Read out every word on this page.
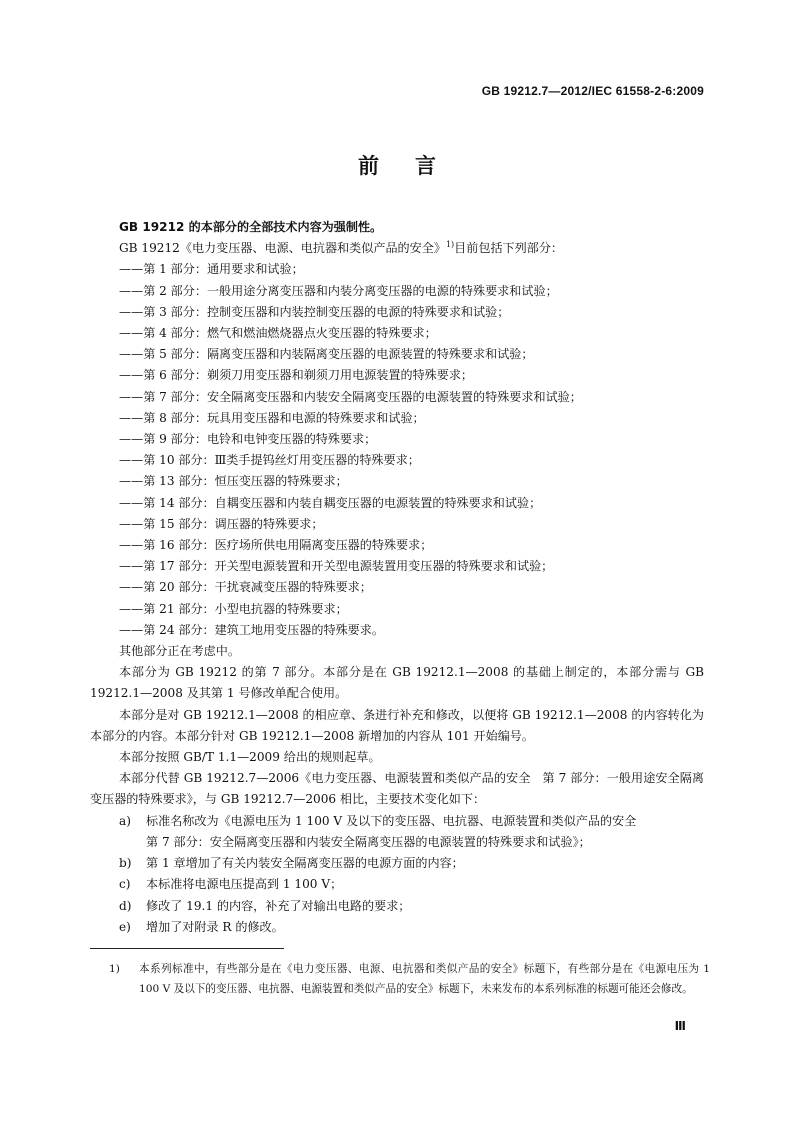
GB 19212.7—2012/IEC 61558-2-6:2009
前言

GB 19212 的本部分的全部技术内容为强制性。

GB 19212《电力变压器、电源、电抗器和类似产品的安全》$^{1)}$目前包括下列部分：

——第 1 部分：通用要求和试验；

——第 2 部分：一般用途分离变压器和内装分离变压器的电源的特殊要求和试验；

——第 3 部分：控制变压器和内装控制变压器的电源的特殊要求和试验；

——第 4 部分：燃气和燃油燃烧器点火变压器的特殊要求；

——第 5 部分：隔离变压器和内装隔离变压器的电源装置的特殊要求和试验；

——第 6 部分：剃须刀用变压器和剃须刀用电源装置的特殊要求；

——第 7 部分：安全隔离变压器和内装安全隔离变压器的电源装置的特殊要求和试验；

——第 8 部分：玩具用变压器和电源的特殊要求和试验；

——第 9 部分：电铃和电钟变压器的特殊要求；

——第 10 部分：Ⅲ类手提钨丝灯用变压器的特殊要求；

——第 13 部分：恒压变压器的特殊要求；

——第 14 部分：自耦变压器和内装自耦变压器的电源装置的特殊要求和试验；

——第 15 部分：调压器的特殊要求；

——第 16 部分：医疗场所供电用隔离变压器的特殊要求；

——第 17 部分：开关型电源装置和开关型电源装置用变压器的特殊要求和试验；

——第 20 部分：干扰衰减变压器的特殊要求；

——第 21 部分：小型电抗器的特殊要求；

——第 24 部分：建筑工地用变压器的特殊要求。

其他部分正在考虑中。

本部分为 GB 19212 的第 7 部分。本部分是在 GB 19212.1—2008 的基础上制定的，本部分需与 GB 19212.1—2008 及其第 1 号修改单配合使用。

本部分是对 GB 19212.1—2008 的相应章、条进行补充和修改，以便将 GB 19212.1—2008 的内容转化为本部分的内容。本部分针对 GB 19212.1—2008 新增加的内容从 101 开始编号。

本部分按照 GB/T 1.1—2009 给出的规则起草。

本部分代替 GB 19212.7—2006《电力变压器、电源装置和类似产品的安全　第 7 部分：一般用途安全隔离变压器的特殊要求》，与 GB 19212.7—2006 相比，主要技术变化如下：

a) 标准名称改为《电源电压为 1 100 V 及以下的变压器、电抗器、电源装置和类似产品的安全
第 7 部分：安全隔离变压器和内装安全隔离变压器的电源装置的特殊要求和试验》；
b) 第 1 章增加了有关内装安全隔离变压器的电源方面的内容；
c) 本标准将电源电压提高到 1 100 V；
d) 修改了 19.1 的内容，补充了对输出电路的要求；
e) 增加了对附录 R 的修改。
1)	本系列标准中，有些部分是在《电力变压器、电源、电抗器和类似产品的安全》标题下，有些部分是在《电源电压为 1 100 V 及以下的变压器、电抗器、电源装置和类似产品的安全》标题下，未来发布的本系列标准的标题可能还会修改。
Ⅲ
